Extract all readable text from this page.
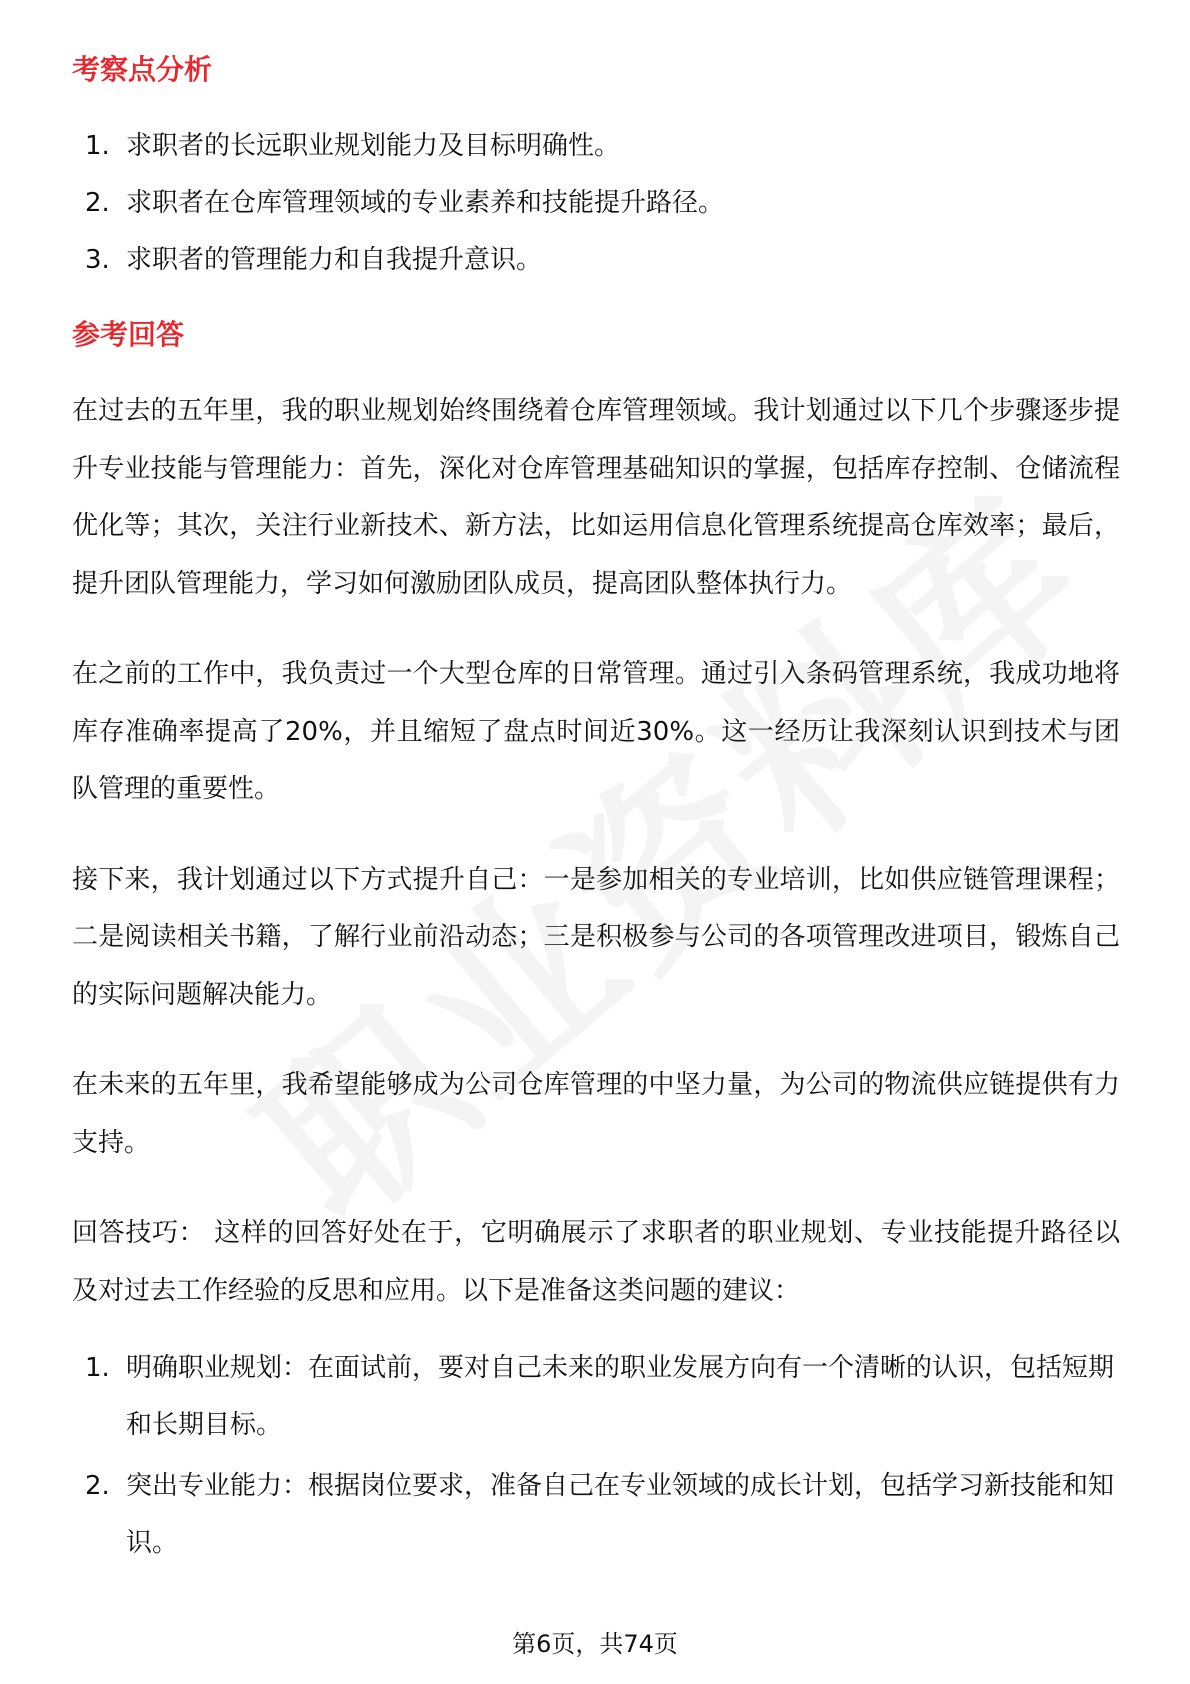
考察点分析
1. 求职者的长远职业规划能力及目标明确性。
2. 求职者在仓库管理领域的专业素养和技能提升路径。
3. 求职者的管理能力和自我提升意识。
参考回答

在过去的五年里，我的职业规划始终围绕着仓库管理领域。我计划通过以下几个步骤逐步提升专业技能与管理能力：首先，深化对仓库管理基础知识的掌握，包括库存控制、仓储流程优化等；其次，关注行业新技术、新方法，比如运用信息化管理系统提高仓库效率；最后，提升团队管理能力，学习如何激励团队成员，提高团队整体执行力。

在之前的工作中，我负责过一个大型仓库的日常管理。通过引入条码管理系统，我成功地将库存准确率提高了20%，并且缩短了盘点时间近30%。这一经历让我深刻认识到技术与团队管理的重要性。

接下来，我计划通过以下方式提升自己：一是参加相关的专业培训，比如供应链管理课程；二是阅读相关书籍，了解行业前沿动态；三是积极参与公司的各项管理改进项目，锻炼自己的实际问题解决能力。

在未来的五年里，我希望能够成为公司仓库管理的中坚力量，为公司的物流供应链提供有力支持。

回答技巧： 这样的回答好处在于，它明确展示了求职者的职业规划、专业技能提升路径以及对过去工作经验的反思和应用。以下是准备这类问题的建议：

1. 明确职业规划：在面试前，要对自己未来的职业发展方向有一个清晰的认识，包括短期和长期目标。
2. 突出专业能力：根据岗位要求，准备自己在专业领域的成长计划，包括学习新技能和知识。
第6页，共74页
